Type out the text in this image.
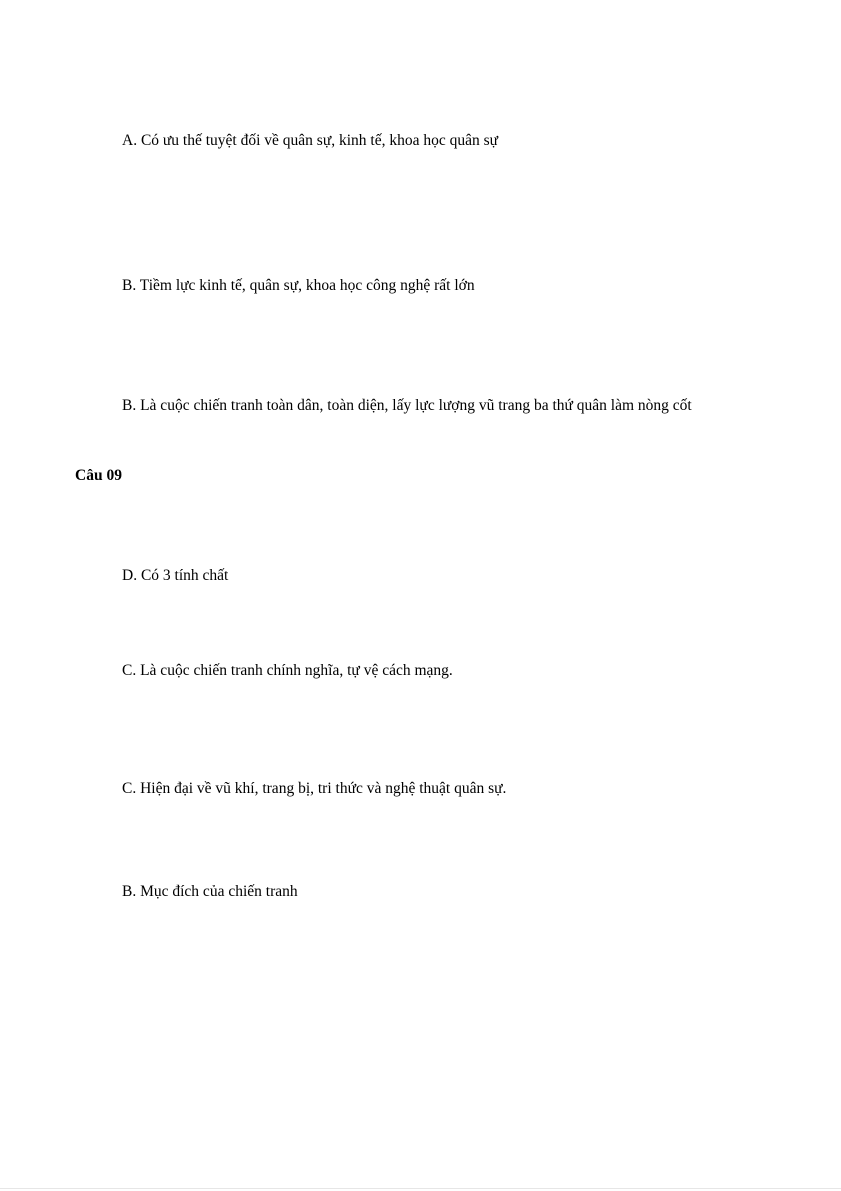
A. Có ưu thế tuyệt đối về quân sự, kinh tế, khoa học quân sự
B. Tiềm lực kinh tế, quân sự, khoa học công nghệ rất lớn
B. Là cuộc chiến tranh toàn dân, toàn diện, lấy lực lượng vũ trang ba thứ quân làm nòng cốt
Câu 09
D. Có 3 tính chất
C. Là cuộc chiến tranh chính nghĩa, tự vệ cách mạng.
C. Hiện đại về vũ khí, trang bị, tri thức và nghệ thuật quân sự.
B. Mục đích của chiến tranh
